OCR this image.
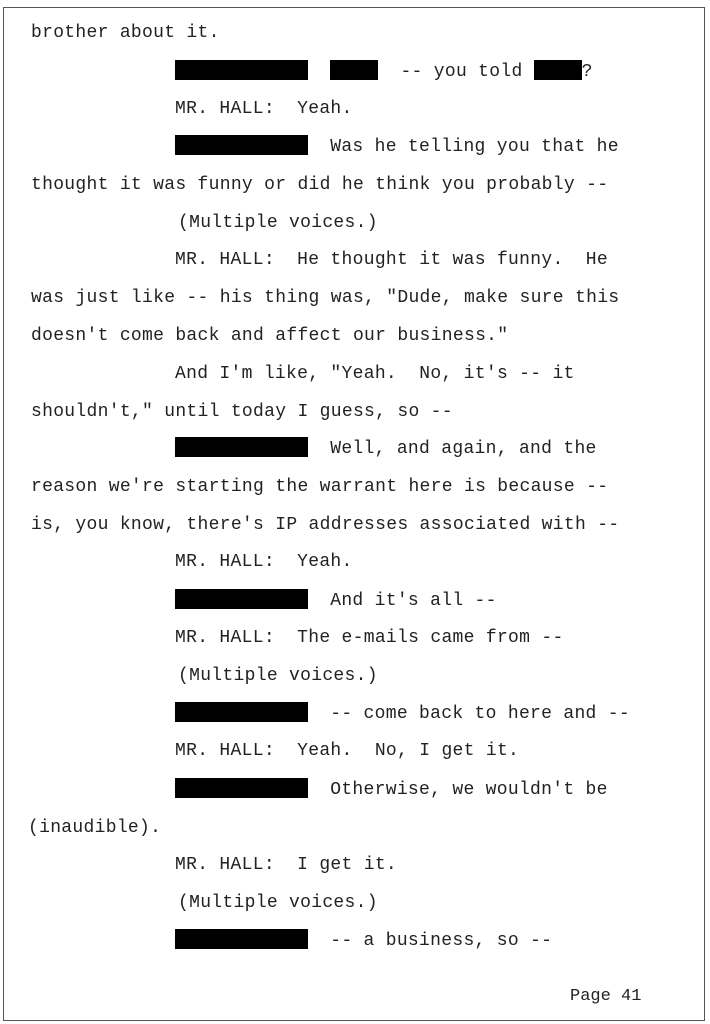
brother about it.
-- you told	?
MR. HALL:  Yeah.
Was he telling you that he
thought it was funny or did he think you probably --
(Multiple voices.)
MR. HALL:  He thought it was funny.  He
was just like -- his thing was, "Dude, make sure this
doesn't come back and affect our business."
And I'm like, "Yeah.  No, it's -- it
shouldn't," until today I guess, so --
Well, and again, and the
reason we're starting the warrant here is because --
is, you know, there's IP addresses associated with --
MR. HALL:  Yeah.
And it's all --
MR. HALL:  The e-mails came from --
(Multiple voices.)
-- come back to here and --
MR. HALL:  Yeah.  No, I get it.
Otherwise, we wouldn't be
(inaudible).
MR. HALL:  I get it.
(Multiple voices.)
-- a business, so --
Page 41
